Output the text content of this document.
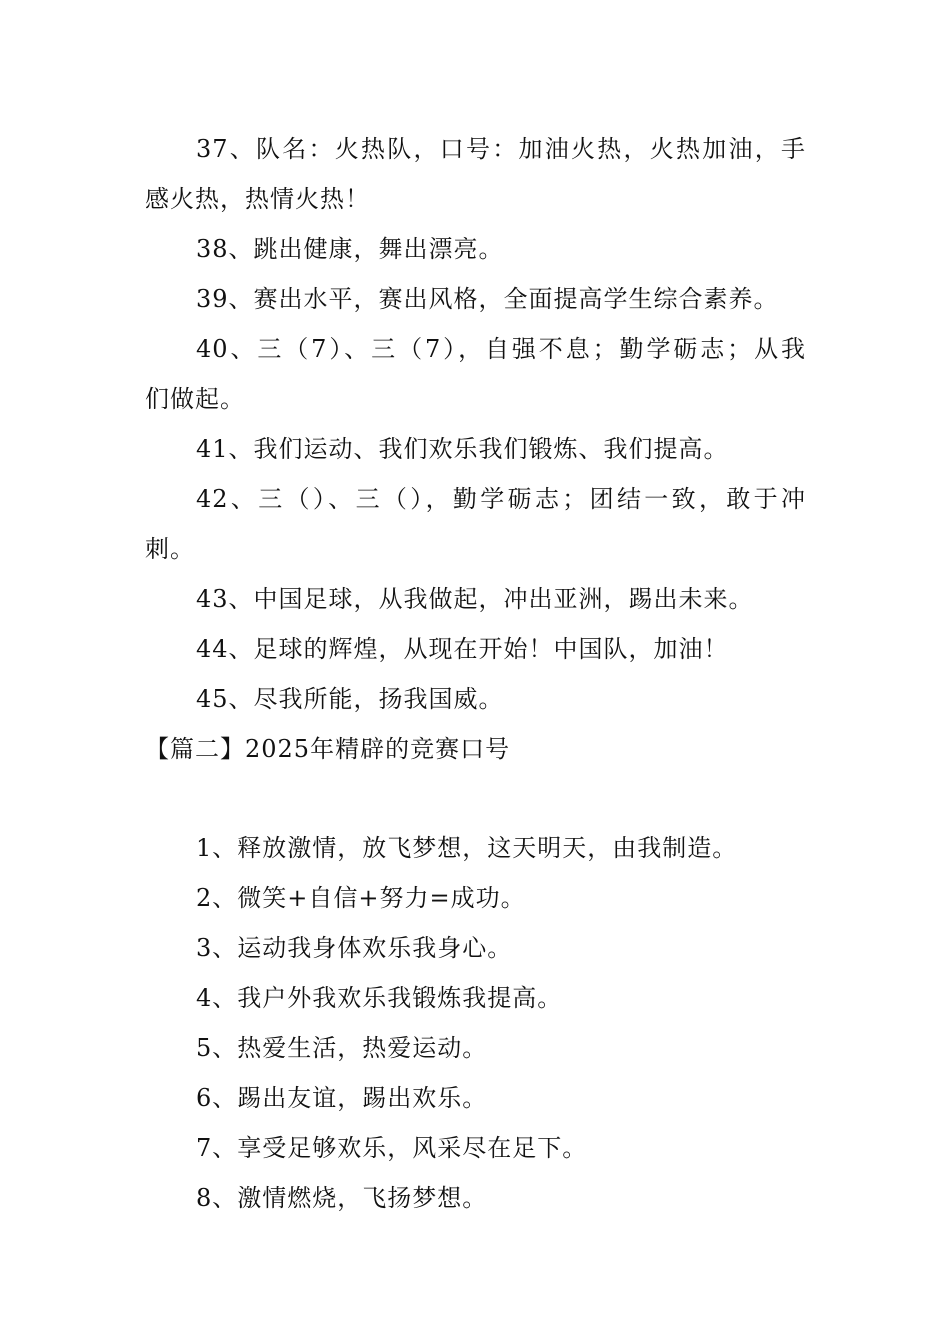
37、队名：火热队，口号：加油火热，火热加油，手
感火热，热情火热！
38、跳出健康，舞出漂亮。
39、赛出水平，赛出风格，全面提高学生综合素养。
40、三（7）、三（7），自强不息；勤学砺志；从我
们做起。
41、我们运动、我们欢乐我们锻炼、我们提高。
42、三（）、三（），勤学砺志；团结一致，敢于冲
刺。
43、中国足球，从我做起，冲出亚洲，踢出未来。
44、足球的辉煌，从现在开始！中国队，加油！
45、尽我所能，扬我国威。
【篇二】2025年精辟的竞赛口号
1、释放激情，放飞梦想，这天明天，由我制造。
2、微笑+自信+努力=成功。
3、运动我身体欢乐我身心。
4、我户外我欢乐我锻炼我提高。
5、热爱生活，热爱运动。
6、踢出友谊，踢出欢乐。
7、享受足够欢乐，风采尽在足下。
8、激情燃烧，飞扬梦想。
